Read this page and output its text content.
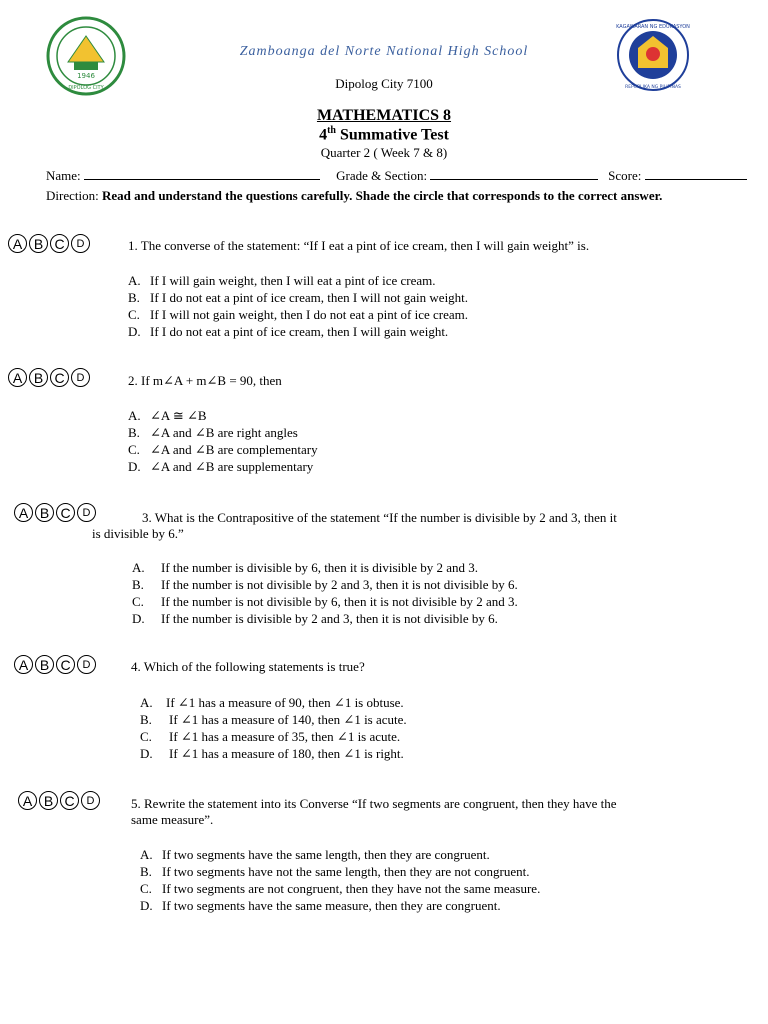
1946
DIPOLOG CITY
KAGAWARAN NG EDUKASYON
REPUBLIKA NG PILIPINAS
Zamboanga del Norte National High School
Dipolog City 7100
MATHEMATICS 8
4th Summative Test
Quarter 2 ( Week 7 & 8)
Name:	Grade & Section:	Score:
Direction: Read and understand the questions carefully. Shade the circle that corresponds to the correct answer.
A B C	D	1. The converse of the statement: “If I eat a pint of ice cream, then I will gain weight” is.
A. If I will gain weight, then I will eat a pint of ice cream.
B. If I do not eat a pint of ice cream, then I will not gain weight.
C. If I will not gain weight, then I do not eat a pint of ice cream.
D. If I do not eat a pint of ice cream, then I will gain weight.
A B C	D	2. If m∠A + m∠B = 90, then
A. ∠A ≅ ∠B
B. ∠A and ∠B are right angles
C. ∠A and ∠B are complementary
D. ∠A and ∠B are supplementary
A B C	D	3. What is the Contrapositive of the statement “If the number is divisible by 2 and 3, then it
is divisible by 6.”
A. If the number is divisible by 6, then it is divisible by 2 and 3.
B. If the number is not divisible by 2 and 3, then it is not divisible by 6.
C. If the number is not divisible by 6, then it is not divisible by 2 and 3.
D. If the number is divisible by 2 and 3, then it is not divisible by 6.
A B C	D	4. Which of the following statements is true?
A. If ∠1 has a measure of 90, then ∠1 is obtuse.
B. If ∠1 has a measure of 140, then ∠1 is acute.
C. If ∠1 has a measure of 35, then ∠1 is acute.
D. If ∠1 has a measure of 180, then ∠1 is right.
A B C	D	5. Rewrite the statement into its Converse “If two segments are congruent, then they have the
same measure”.
A. If two segments have the same length, then they are congruent.
B. If two segments have not the same length, then they are not congruent.
C. If two segments are not congruent, then they have not the same measure.
D. If two segments have the same measure, then they are congruent.
